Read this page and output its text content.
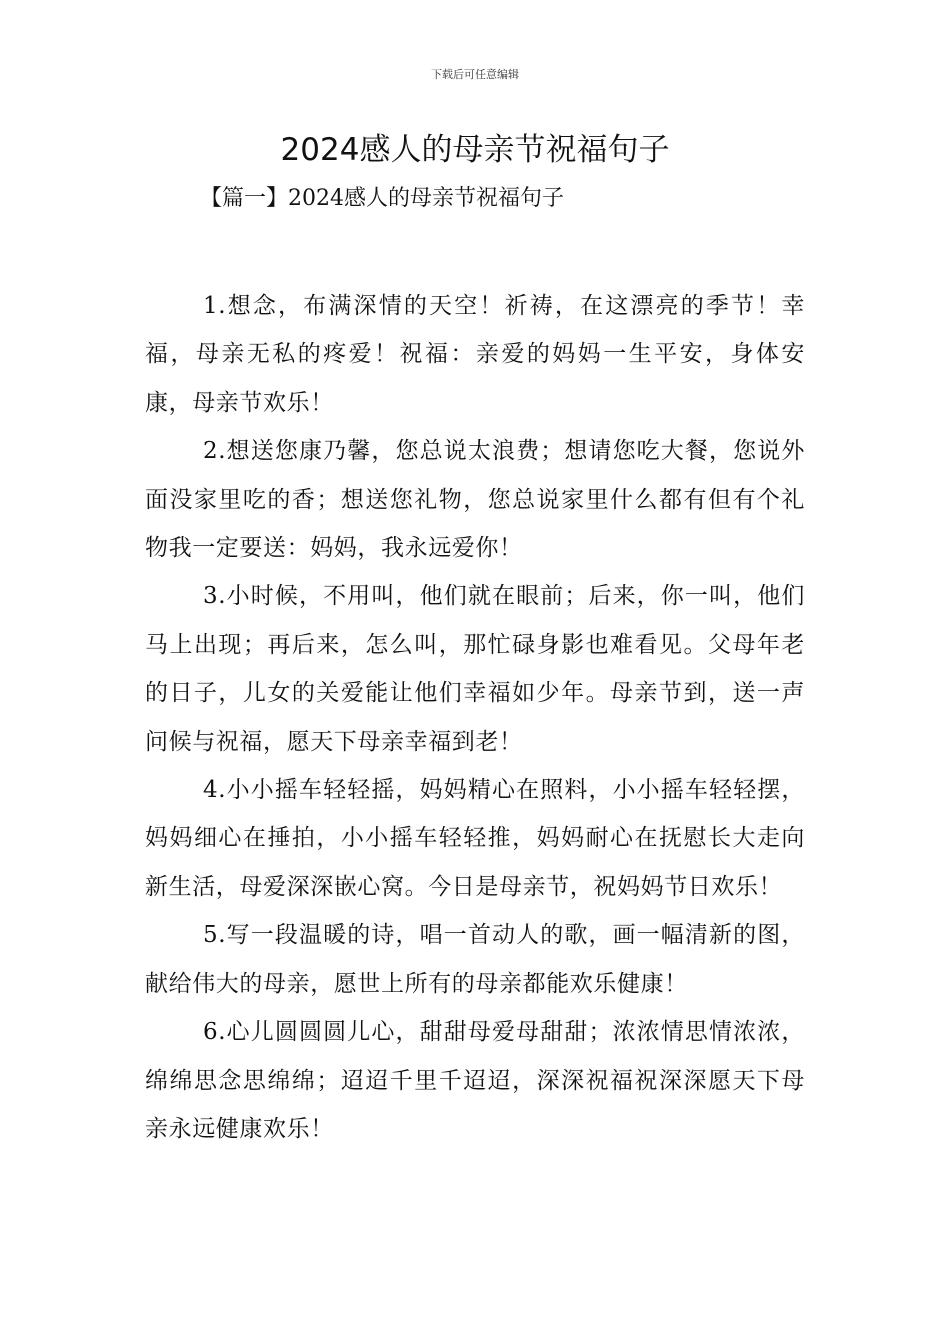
下载后可任意编辑
2024感人的母亲节祝福句子
【篇一】2024感人的母亲节祝福句子

1.想念，布满深情的天空！祈祷，在这漂亮的季节！幸福，母亲无私的疼爱！祝福：亲爱的妈妈一生平安，身体安康，母亲节欢乐！

2.想送您康乃馨，您总说太浪费；想请您吃大餐，您说外面没家里吃的香；想送您礼物，您总说家里什么都有但有个礼物我一定要送：妈妈，我永远爱你！

3.小时候，不用叫，他们就在眼前；后来，你一叫，他们马上出现；再后来，怎么叫，那忙碌身影也难看见。父母年老的日子，儿女的关爱能让他们幸福如少年。母亲节到，送一声问候与祝福，愿天下母亲幸福到老！

4.小小摇车轻轻摇，妈妈精心在照料，小小摇车轻轻摆，妈妈细心在捶拍，小小摇车轻轻推，妈妈耐心在抚慰长大走向新生活，母爱深深嵌心窝。今日是母亲节，祝妈妈节日欢乐！

5.写一段温暖的诗，唱一首动人的歌，画一幅清新的图，献给伟大的母亲，愿世上所有的母亲都能欢乐健康！

6.心儿圆圆圆儿心，甜甜母爱母甜甜；浓浓情思情浓浓，绵绵思念思绵绵；迢迢千里千迢迢，深深祝福祝深深愿天下母亲永远健康欢乐！
